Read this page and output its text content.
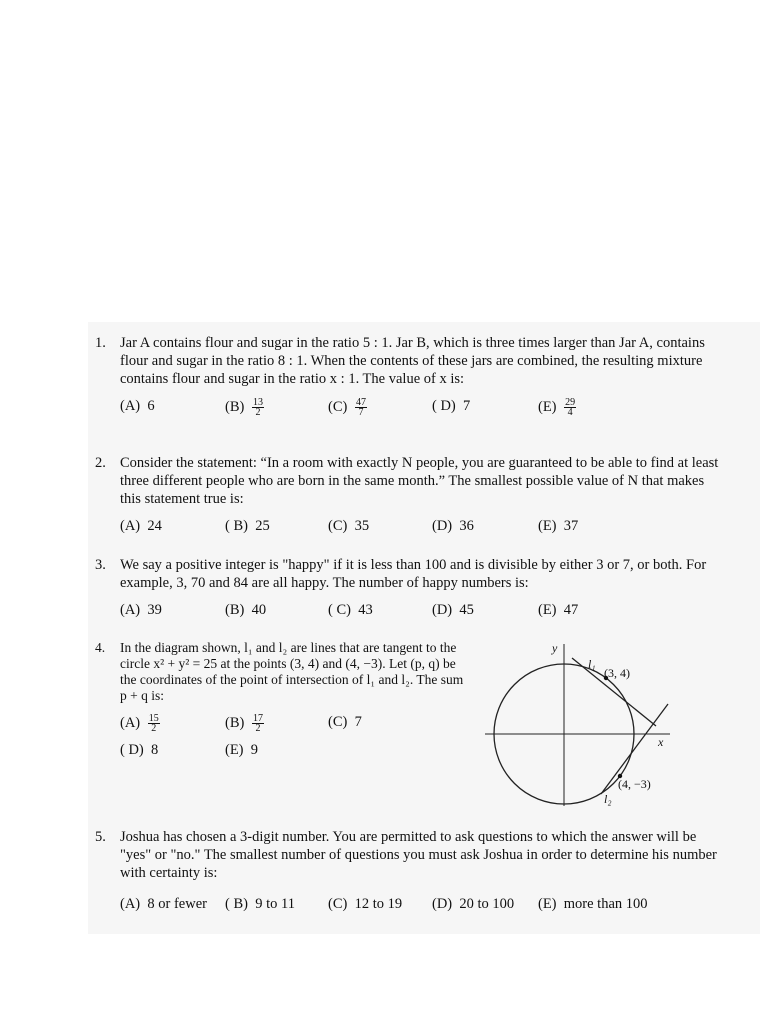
1. Jar A contains flour and sugar in the ratio 5 : 1. Jar B, which is three times larger than Jar A, contains
flour and sugar in the ratio 8 : 1. When the contents of these jars are combined, the resulting mixture
contains flour and sugar in the ratio x : 1. The value of x is:
(A) 6	$(B) \frac{13}{2}$	$(C) \frac{47}{7}$	( D) 7	$(E) \frac{29}{4}$
2. Consider the statement: “In a room with exactly N people, you are guaranteed to be able to find at least
three different people who are born in the same month.” The smallest possible value of N that makes
this statement true is:
(A) 24	( B) 25	(C) 35	(D) 36	(E) 37
3. We say a positive integer is "happy" if it is less than 100 and is divisible by either 3 or 7, or both. For
example, 3, 70 and 84 are all happy. The number of happy numbers is:
(A) 39	(B) 40	( C) 43	(D) 45	(E) 47
4.	In the diagram shown, l₁ and l₂ are lines that are tangent to the
circle x² + y² = 25 at the points (3, 4) and (4, −3). Let (p, q) be
the coordinates of the point of intersection of l₁ and l₂. The sum
p + q is:
$(A) \frac{15}{2}$	$(B) \frac{17}{2}$	(C) 7
( D) 8	(E) 9
y
x
l₁
l₂
(3, 4)
(4, −3)
5. Joshua has chosen a 3-digit number. You are permitted to ask questions to which the answer will be
"yes" or "no." The smallest number of questions you must ask Joshua in order to determine his number
with certainty is:
(A) 8 or fewer ( B) 9 to 11 (C) 12 to 19 (D) 20 to 100 (E) more than 100
